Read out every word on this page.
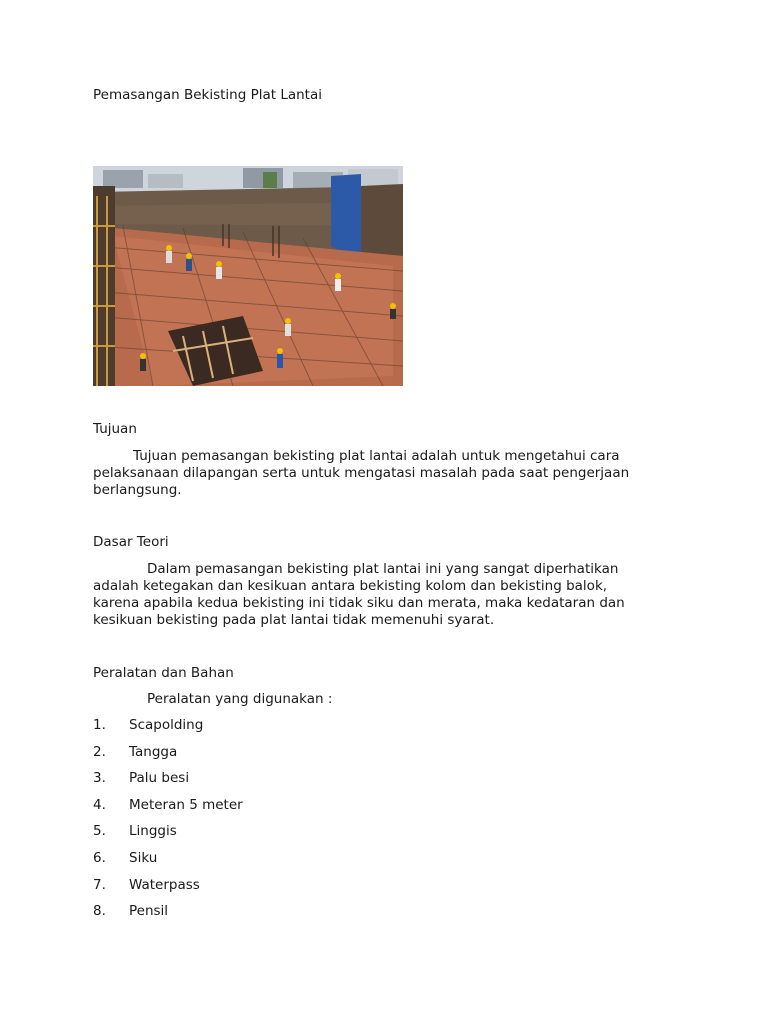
Pemasangan Bekisting Plat Lantai
Tujuan
Tujuan pemasangan bekisting plat lantai adalah untuk mengetahui cara
pelaksanaan dilapangan serta untuk mengatasi masalah pada saat pengerjaan
berlangsung.
Dasar Teori
Dalam pemasangan bekisting plat lantai ini yang sangat diperhatikan
adalah ketegakan dan kesikuan antara bekisting kolom dan bekisting balok,
karena apabila kedua bekisting ini tidak siku dan merata, maka kedataran dan
kesikuan bekisting pada plat lantai tidak memenuhi syarat.
Peralatan dan Bahan

Peralatan yang digunakan :

1.	Scapolding
2.	Tangga
3.	Palu besi
4.	Meteran 5 meter
5.	Linggis
6.	Siku
7.	Waterpass
8.	Pensil
